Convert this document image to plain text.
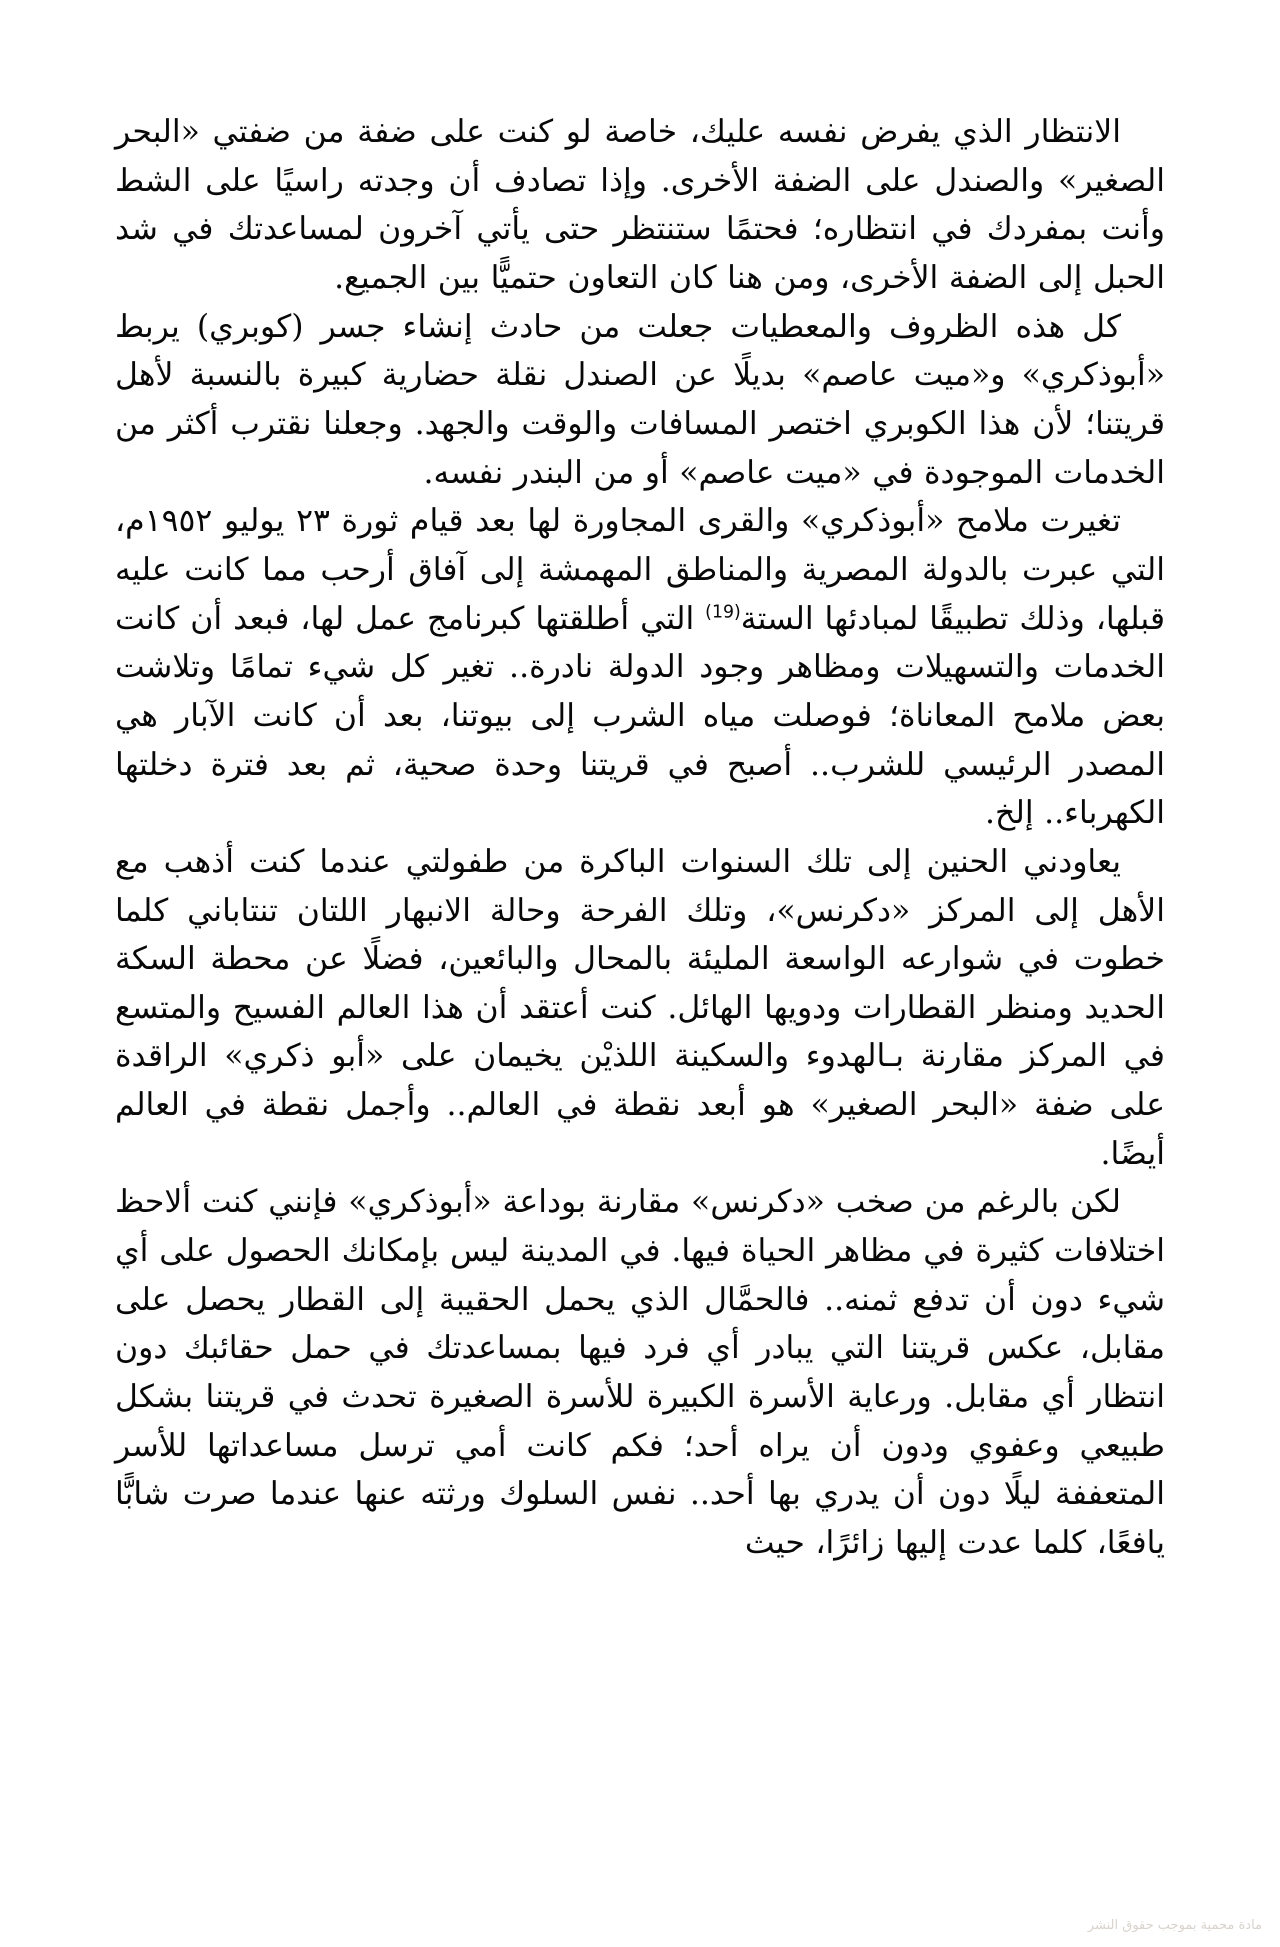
الانتظار الذي يفرض نفسه عليك، خاصة لو كنت على ضفة من ضفتي «البحر الصغير» والصندل على الضفة الأخرى. وإذا تصادف أن وجدته راسيًا على الشط وأنت بمفردك في انتظاره؛ فحتمًا ستنتظر حتى يأتي آخرون لمساعدتك في شد الحبل إلى الضفة الأخرى، ومن هنا كان التعاون حتميًّا بين الجميع.

كل هذه الظروف والمعطيات جعلت من حادث إنشاء جسر (كوبري) يربط «أبوذكري» و«ميت عاصم» بديلًا عن الصندل نقلة حضارية كبيرة بالنسبة لأهل قريتنا؛ لأن هذا الكوبري اختصر المسافات والوقت والجهد. وجعلنا نقترب أكثر من الخدمات الموجودة في «ميت عاصم» أو من البندر نفسه.

تغيرت ملامح «أبوذكري» والقرى المجاورة لها بعد قيام ثورة ٢٣ يوليو ١٩٥٢م، التي عبرت بالدولة المصرية والمناطق المهمشة إلى آفاق أرحب مما كانت عليه قبلها، وذلك تطبيقًا لمبادئها الستة$^{(19)}$ التي أطلقتها كبرنامج عمل لها، فبعد أن كانت الخدمات والتسهيلات ومظاهر وجود الدولة نادرة.. تغير كل شيء تمامًا وتلاشت بعض ملامح المعاناة؛ فوصلت مياه الشرب إلى بيوتنا، بعد أن كانت الآبار هي المصدر الرئيسي للشرب.. أصبح في قريتنا وحدة صحية، ثم بعد فترة دخلتها الكهرباء.. إلخ.

يعاودني الحنين إلى تلك السنوات الباكرة من طفولتي عندما كنت أذهب مع الأهل إلى المركز «دكرنس»، وتلك الفرحة وحالة الانبهار اللتان تنتاباني كلما خطوت في شوارعه الواسعة المليئة بالمحال والبائعين، فضلًا عن محطة السكة الحديد ومنظر القطارات ودويها الهائل. كنت أعتقد أن هذا العالم الفسيح والمتسع في المركز مقارنة بـالهدوء والسكينة اللذيْن يخيمان على «أبو ذكري» الراقدة على ضفة «البحر الصغير» هو أبعد نقطة في العالم.. وأجمل نقطة في العالم أيضًا.

لكن بالرغم من صخب «دكرنس» مقارنة بوداعة «أبوذكري» فإنني كنت ألاحظ اختلافات كثيرة في مظاهر الحياة فيها. في المدينة ليس بإمكانك الحصول على أي شيء دون أن تدفع ثمنه.. فالحمَّال الذي يحمل الحقيبة إلى القطار يحصل على مقابل، عكس قريتنا التي يبادر أي فرد فيها بمساعدتك في حمل حقائبك دون انتظار أي مقابل. ورعاية الأسرة الكبيرة للأسرة الصغيرة تحدث في قريتنا بشكل طبيعي وعفوي ودون أن يراه أحد؛ فكم كانت أمي ترسل مساعداتها للأسر المتعففة ليلًا دون أن يدري بها أحد.. نفس السلوك ورثته عنها عندما صرت شابًّا يافعًا، كلما عدت إليها زائرًا، حيث

مادة محمية بموجب حقوق النشر
